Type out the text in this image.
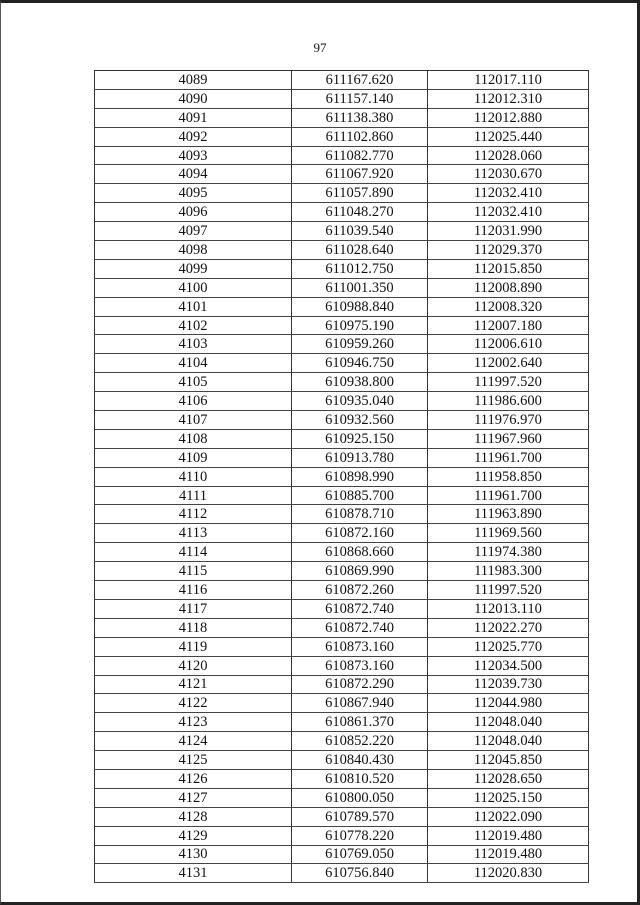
97
4089	611167.620	112017.110
4090	611157.140	112012.310
4091	611138.380	112012.880
4092	611102.860	112025.440
4093	611082.770	112028.060
4094	611067.920	112030.670
4095	611057.890	112032.410
4096	611048.270	112032.410
4097	611039.540	112031.990
4098	611028.640	112029.370
4099	611012.750	112015.850
4100	611001.350	112008.890
4101	610988.840	112008.320
4102	610975.190	112007.180
4103	610959.260	112006.610
4104	610946.750	112002.640
4105	610938.800	111997.520
4106	610935.040	111986.600
4107	610932.560	111976.970
4108	610925.150	111967.960
4109	610913.780	111961.700
4110	610898.990	111958.850
4111	610885.700	111961.700
4112	610878.710	111963.890
4113	610872.160	111969.560
4114	610868.660	111974.380
4115	610869.990	111983.300
4116	610872.260	111997.520
4117	610872.740	112013.110
4118	610872.740	112022.270
4119	610873.160	112025.770
4120	610873.160	112034.500
4121	610872.290	112039.730
4122	610867.940	112044.980
4123	610861.370	112048.040
4124	610852.220	112048.040
4125	610840.430	112045.850
4126	610810.520	112028.650
4127	610800.050	112025.150
4128	610789.570	112022.090
4129	610778.220	112019.480
4130	610769.050	112019.480
4131	610756.840	112020.830
